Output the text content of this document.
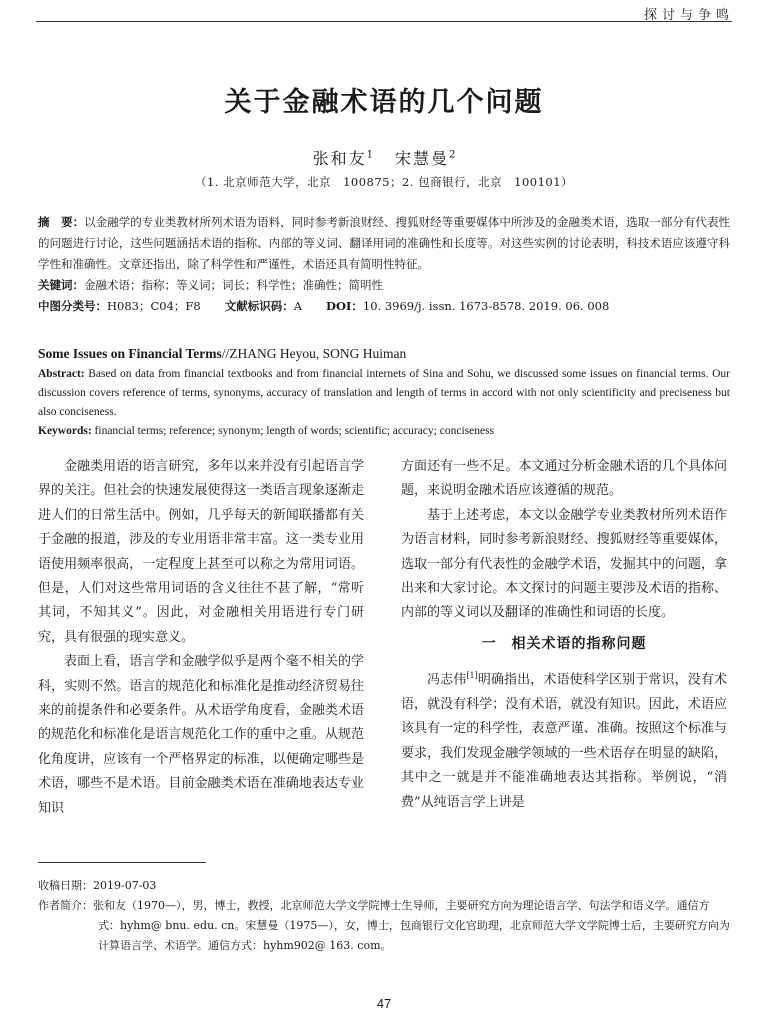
探讨与争鸣
关于金融术语的几个问题
张和友$^1$ 宋慧曼$^2$
（1. 北京师范大学，北京　100875；2. 包商银行，北京　100101）

摘　要：以金融学的专业类教材所列术语为语料，同时参考新浪财经、搜狐财经等重要媒体中所涉及的金融类术语，选取一部分有代表性的问题进行讨论，这些问题涵括术语的指称、内部的等义词、翻译用词的准确性和长度等。对这些实例的讨论表明，科技术语应该遵守科学性和准确性。文章还指出，除了科学性和严谨性，术语还具有简明性特征。

关键词：金融术语；指称；等义词；词长；科学性；准确性；简明性

中图分类号：H083；C04；F8 文献标识码：A DOI：10. 3969/j. issn. 1673-8578. 2019. 06. 008

Some Issues on Financial Terms//ZHANG Heyou, SONG Huiman

Abstract: Based on data from financial textbooks and from financial internets of Sina and Sohu, we discussed some issues on financial terms. Our discussion covers reference of terms, synonyms, accuracy of translation and length of terms in accord with not only scientificity and preciseness but also conciseness.

Keywords: financial terms; reference; synonym; length of words; scientific; accuracy; conciseness

金融类用语的语言研究，多年以来并没有引起语言学界的关注。但社会的快速发展使得这一类语言现象逐渐走进人们的日常生活中。例如，几乎每天的新闻联播都有关于金融的报道，涉及的专业用语非常丰富。这一类专业用语使用频率很高，一定程度上甚至可以称之为常用词语。但是，人们对这些常用词语的含义往往不甚了解，“常听其词，不知其义”。因此，对金融相关用语进行专门研究，具有很强的现实意义。

表面上看，语言学和金融学似乎是两个毫不相关的学科，实则不然。语言的规范化和标准化是推动经济贸易往来的前提条件和必要条件。从术语学角度看，金融类术语的规范化和标准化是语言规范化工作的重中之重。从规范化角度讲，应该有一个严格界定的标准，以便确定哪些是术语，哪些不是术语。目前金融类术语在准确地表达专业知识

方面还有一些不足。本文通过分析金融术语的几个具体问题，来说明金融术语应该遵循的规范。

基于上述考虑，本文以金融学专业类教材所列术语作为语言材料，同时参考新浪财经、搜狐财经等重要媒体，选取一部分有代表性的金融学术语，发掘其中的问题，拿出来和大家讨论。本文探讨的问题主要涉及术语的指称、内部的等义词以及翻译的准确性和词语的长度。

一　相关术语的指称问题

冯志伟[1]明确指出，术语使科学区别于常识，没有术语，就没有科学；没有术语，就没有知识。因此，术语应该具有一定的科学性，表意严谨、准确。按照这个标准与要求，我们发现金融学领域的一些术语存在明显的缺陷，其中之一就是并不能准确地表达其指称。举例说，“消费”从纯语言学上讲是

收稿日期：2019-07-03

作者简介：张和友（1970—），男，博士，教授，北京师范大学文学院博士生导师，主要研究方向为理论语言学、句法学和语义学。通信方式：hyhm@ bnu. edu. cn。宋慧曼（1975—），女，博士，包商银行文化官助理，北京师范大学文学院博士后，主要研究方向为计算语言学、术语学。通信方式：hyhm902@ 163. com。

47
